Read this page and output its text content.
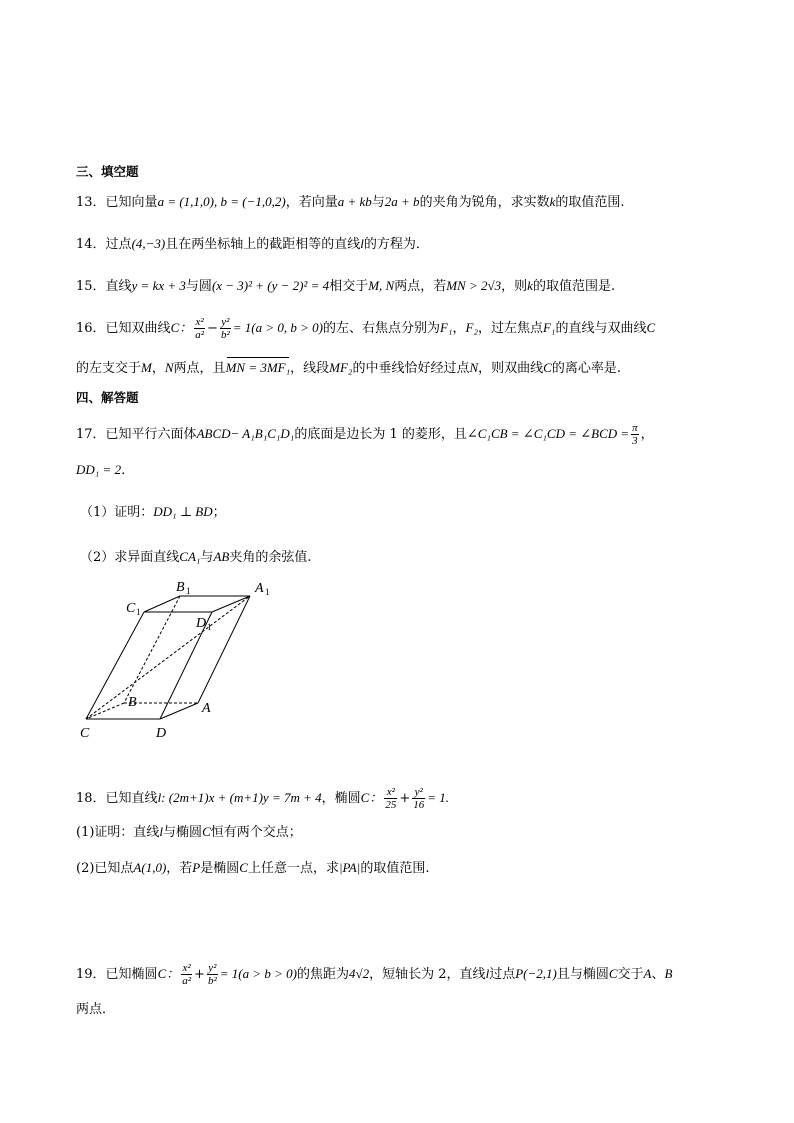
三、填空题
13．已知向量a = (1,1,0), b = (−1,0,2)，若向量a + kb与2a + b的夹角为锐角，求实数k的取值范围.
14．过点(4,−3)且在两坐标轴上的截距相等的直线l的方程为．
15．直线y = kx + 3与圆(x − 3)² + (y − 2)² = 4相交于M, N两点，若MN > 2√3，则k的取值范围是.
16．已知双曲线C： $\frac{\text{x²}}{\text{a²}} - \frac{\text{y²}}{\text{b²}} = 1(a > 0$, b > 0)的左、右焦点分别为F₁，F₂，过左焦点F₁的直线与双曲线C
的左支交于M，N两点，且MN = 3MF₁，线段MF₂的中垂线恰好经过点N，则双曲线C的离心率是.
四、解答题
17．已知平行六面体ABCD− A₁B₁C₁D₁的底面是边长为 1 的菱形，且∠C₁CB = ∠C₁CD = ∠BCD = $\frac{\pi}{3}$ ，
DD₁ = 2．
（1）证明：DD₁ ⊥ BD；
（2）求异面直线CA₁与AB夹角的余弦值.
B 1	A 1
C 1
D 1
B	A
C	D
18．已知直线l: (2m+1)x + (m+1)y = 7m + 4，椭圆C： $\frac{\text{x²}}{25} + \frac{\text{y²}}{16} = 1$.
(1)证明：直线l与椭圆C恒有两个交点；
(2)已知点A(1,0)，若P是椭圆C上任意一点，求|PA|的取值范围.
19．已知椭圆C： $\frac{\text{x²}}{\text{a²}} + \frac{\text{y²}}{\text{b²}} = 1(a > b > 0)$的焦距为4√2，短轴长为 2，直线l过点P(−2,1)且与椭圆C交于A、B
两点．
